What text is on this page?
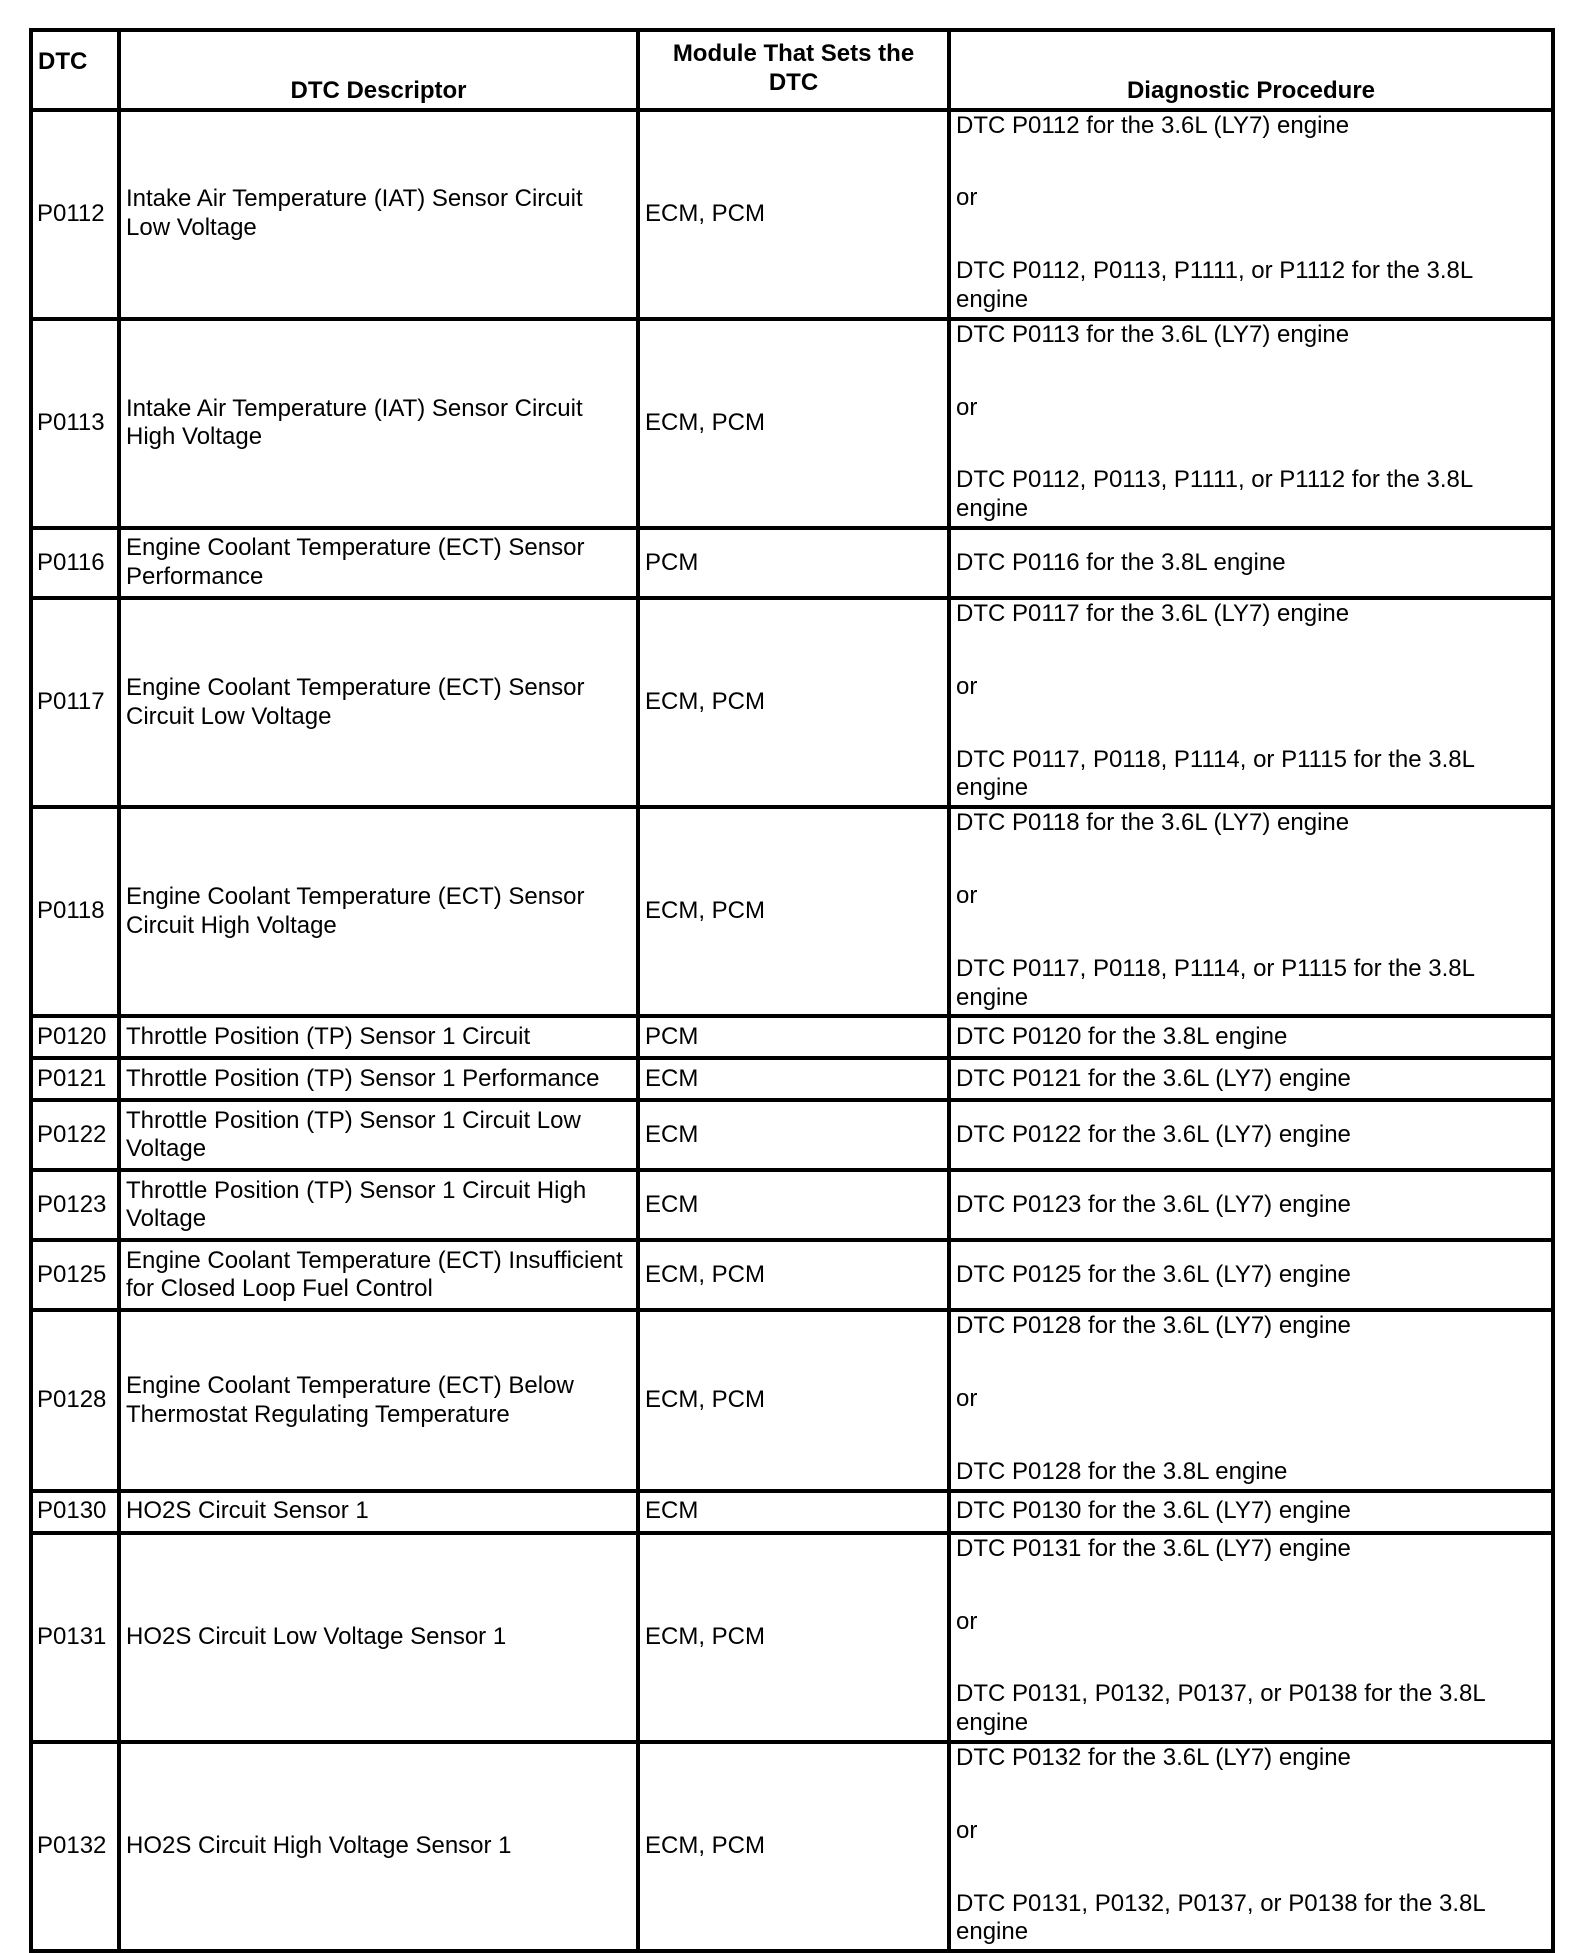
DTC	DTC Descriptor	Module That Sets the DTC	Diagnostic Procedure
P0112	Intake Air Temperature (IAT) Sensor Circuit Low Voltage	ECM, PCM	DTC P0112 for the 3.6L (LY7) engine
or
DTC P0112, P0113, P1111, or P1112 for the 3.8L engine

P0113	Intake Air Temperature (IAT) Sensor Circuit High Voltage	ECM, PCM	DTC P0113 for the 3.6L (LY7) engine
or
DTC P0112, P0113, P1111, or P1112 for the 3.8L engine

P0116	Engine Coolant Temperature (ECT) Sensor Performance	PCM	DTC P0116 for the 3.8L engine
P0117	Engine Coolant Temperature (ECT) Sensor Circuit Low Voltage	ECM, PCM	DTC P0117 for the 3.6L (LY7) engine
or
DTC P0117, P0118, P1114, or P1115 for the 3.8L engine

P0118	Engine Coolant Temperature (ECT) Sensor Circuit High Voltage	ECM, PCM	DTC P0118 for the 3.6L (LY7) engine
or
DTC P0117, P0118, P1114, or P1115 for the 3.8L engine

P0120	Throttle Position (TP) Sensor 1 Circuit	PCM	DTC P0120 for the 3.8L engine
P0121	Throttle Position (TP) Sensor 1 Performance	ECM	DTC P0121 for the 3.6L (LY7) engine
P0122	Throttle Position (TP) Sensor 1 Circuit Low Voltage	ECM	DTC P0122 for the 3.6L (LY7) engine
P0123	Throttle Position (TP) Sensor 1 Circuit High Voltage	ECM	DTC P0123 for the 3.6L (LY7) engine
P0125	Engine Coolant Temperature (ECT) Insufficient for Closed Loop Fuel Control	ECM, PCM	DTC P0125 for the 3.6L (LY7) engine
P0128	Engine Coolant Temperature (ECT) Below Thermostat Regulating Temperature	ECM, PCM	DTC P0128 for the 3.6L (LY7) engine
or
DTC P0128 for the 3.8L engine

P0130	HO2S Circuit Sensor 1	ECM	DTC P0130 for the 3.6L (LY7) engine
P0131	HO2S Circuit Low Voltage Sensor 1	ECM, PCM	DTC P0131 for the 3.6L (LY7) engine
or
DTC P0131, P0132, P0137, or P0138 for the 3.8L engine

P0132	HO2S Circuit High Voltage Sensor 1	ECM, PCM	DTC P0132 for the 3.6L (LY7) engine
or
DTC P0131, P0132, P0137, or P0138 for the 3.8L engine
